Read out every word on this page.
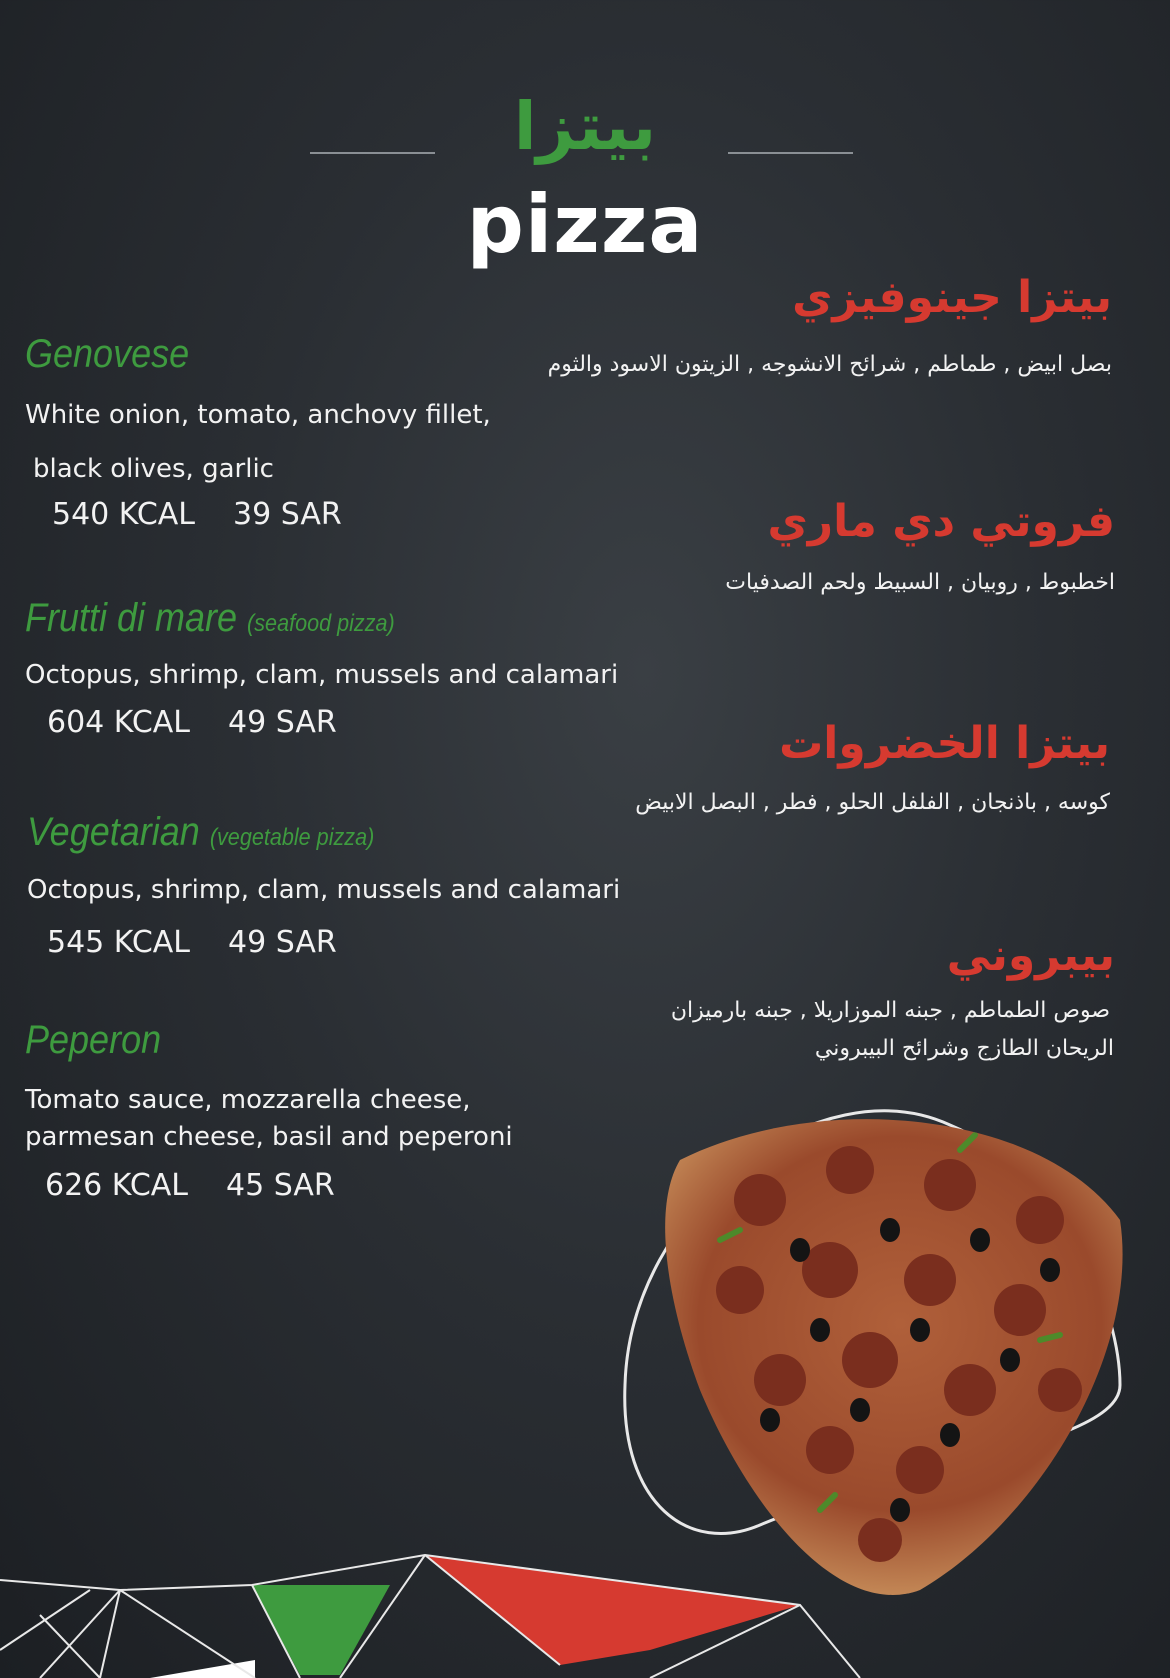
بيتزا
pizza
Genovese
White onion, tomato, anchovy fillet,
black olives, garlic
540 KCAL 39 SAR
بيتزا جينوفيزي
بصل ابيض , طماطم , شرائح الانشوجه , الزيتون الاسود والثوم
Frutti di mare (seafood pizza)
Octopus, shrimp, clam, mussels and calamari
604 KCAL 49 SAR
فروتي دي ماري
اخطبوط , روبيان , السبيط ولحم الصدفيات
Vegetarian (vegetable pizza)
Octopus, shrimp, clam, mussels and calamari
545 KCAL 49 SAR
بيتزا الخضروات
كوسه , باذنجان , الفلفل الحلو , فطر , البصل الابيض
Peperon
Tomato sauce, mozzarella cheese,
parmesan cheese, basil and peperoni
626 KCAL 45 SAR
بيبروني
صوص الطماطم , جبنه الموزاريلا , جبنه بارميزان
الريحان الطازج وشرائح البيبروني
